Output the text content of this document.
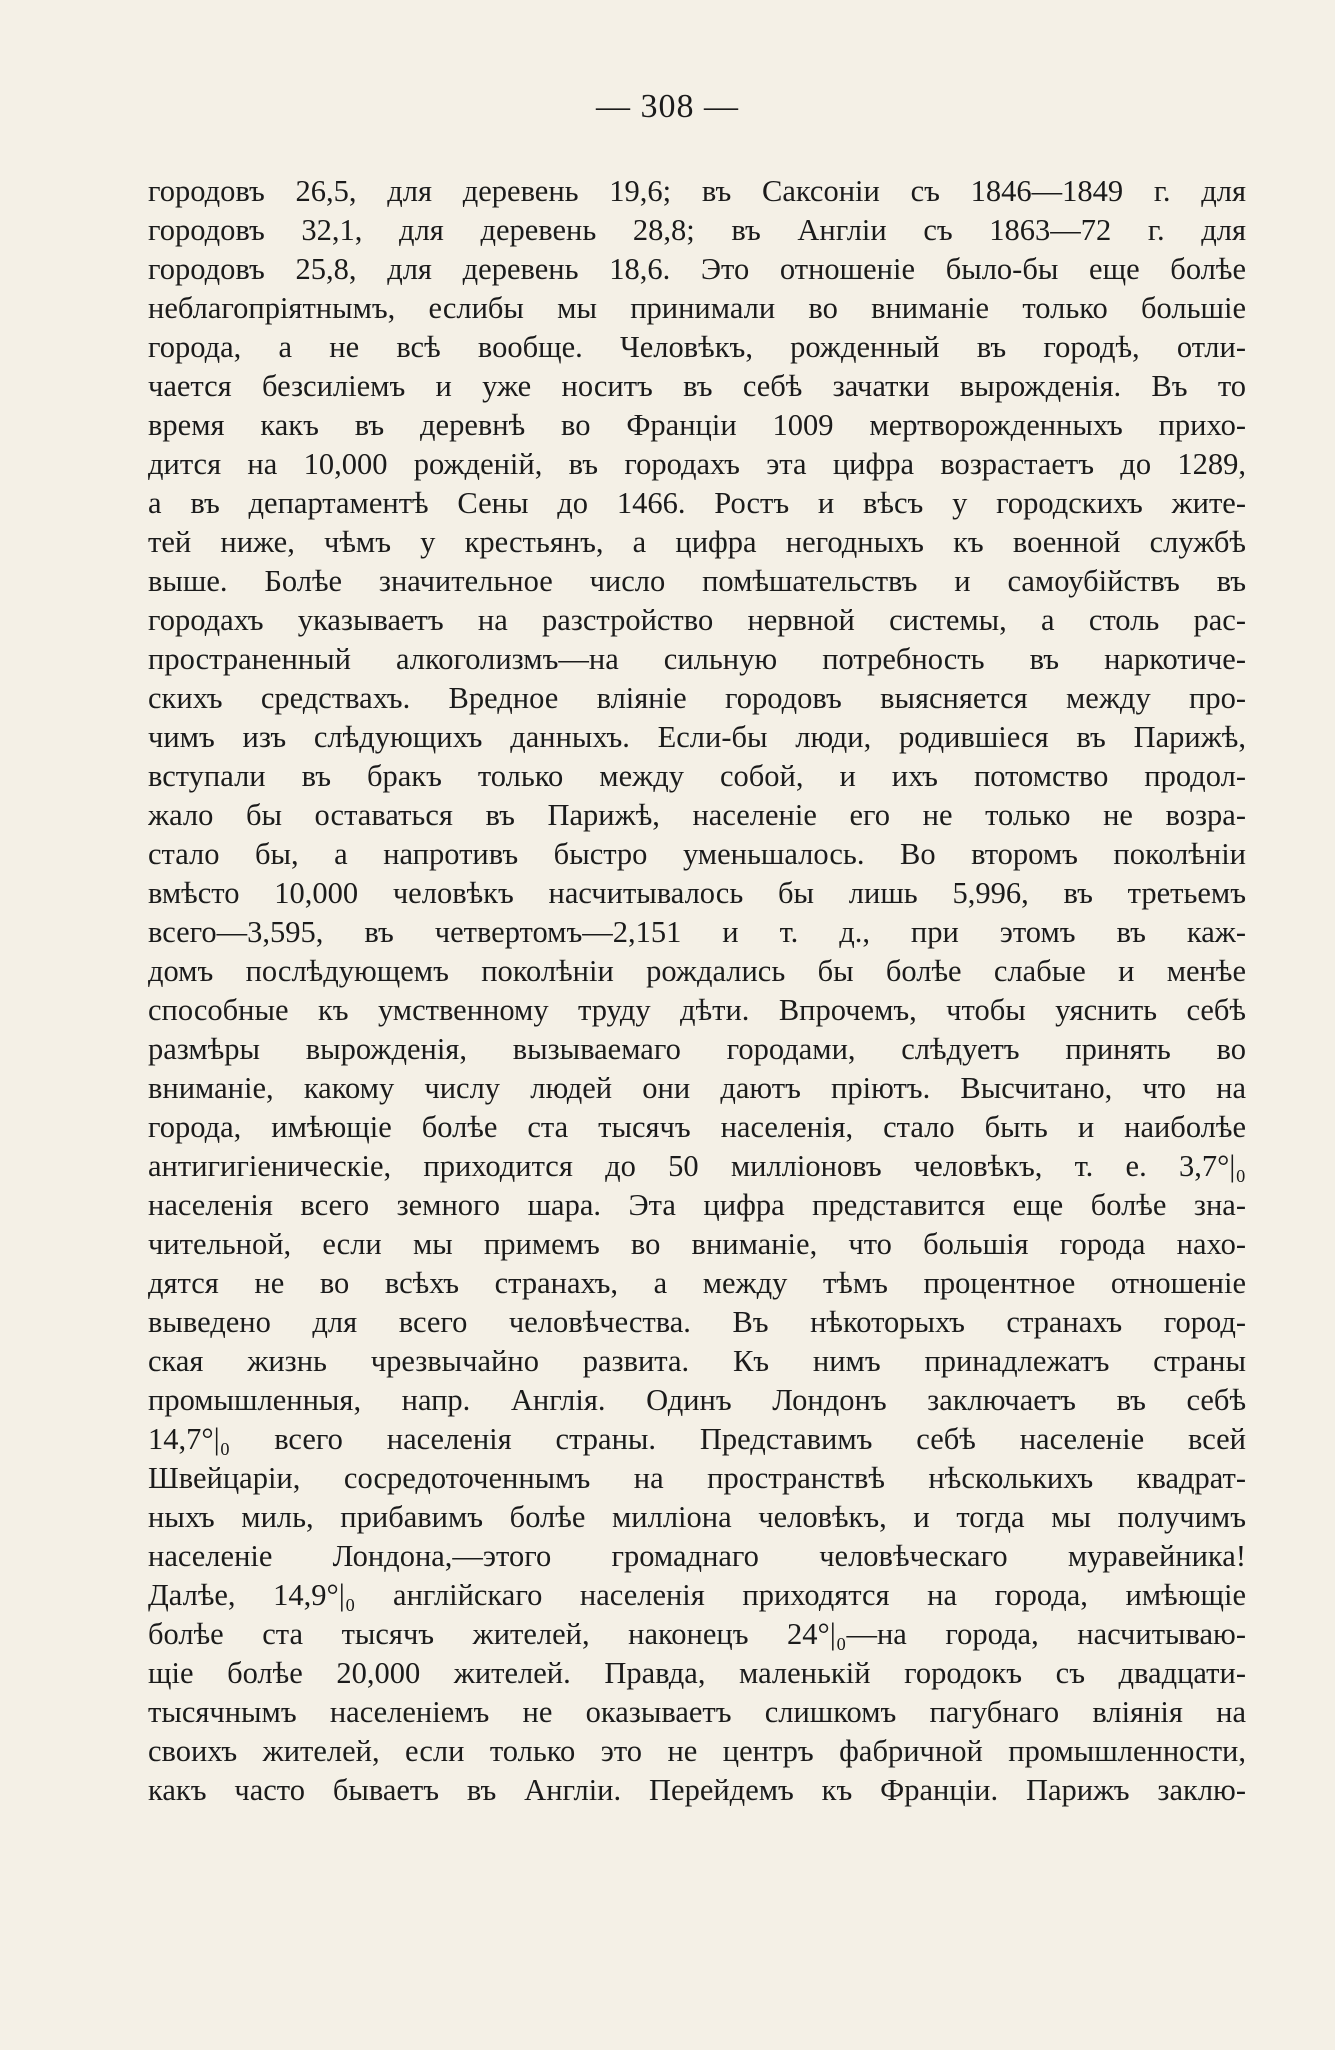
— 308 —
городовъ 26,5, для деревень 19,6; въ Саксоніи съ 1846—1849 г. для
городовъ 32,1, для деревень 28,8; въ Англіи съ 1863—72 г. для
городовъ 25,8, для деревень 18,6. Это отношеніе было-бы еще болѣе
неблагопріятнымъ, еслибы мы принимали во вниманіе только большіе
города, а не всѣ вообще. Человѣкъ, рожденный въ городѣ, отли-
чается безсиліемъ и уже носитъ въ себѣ зачатки вырожденія. Въ то
время какъ въ деревнѣ во Франціи 1009 мертворожденныхъ прихо-
дится на 10,000 рожденій, въ городахъ эта цифра возрастаетъ до 1289,
а въ департаментѣ Сены до 1466. Ростъ и вѣсъ у городскихъ жите-
тей ниже, чѣмъ у крестьянъ, а цифра негодныхъ къ военной службѣ
выше. Болѣе значительное число помѣшательствъ и самоубійствъ въ
городахъ указываетъ на разстройство нервной системы, а столь рас-
пространенный алкоголизмъ—на сильную потребность въ наркотиче-
скихъ средствахъ. Вредное вліяніе городовъ выясняется между про-
чимъ изъ слѣдующихъ данныхъ. Если-бы люди, родившіеся въ Парижѣ,
вступали въ бракъ только между собой, и ихъ потомство продол-
жало бы оставаться въ Парижѣ, населеніе его не только не возра-
стало бы, а напротивъ быстро уменьшалось. Во второмъ поколѣніи
вмѣсто 10,000 человѣкъ насчитывалось бы лишь 5,996, въ третьемъ
всего—3,595, въ четвертомъ—2,151 и т. д., при этомъ въ каж-
домъ послѣдующемъ поколѣніи рождались бы болѣе слабые и менѣе
способные къ умственному труду дѣти. Впрочемъ, чтобы уяснить себѣ
размѣры вырожденія, вызываемаго городами, слѣдуетъ принять во
вниманіе, какому числу людей они даютъ пріютъ. Высчитано, что на
города, имѣющіе болѣе ста тысячъ населенія, стало быть и наиболѣе
антигигіеническіе, приходится до 50 милліоновъ человѣкъ, т. е. 3,7°|₀
населенія всего земного шара. Эта цифра представится еще болѣе зна-
чительной, если мы примемъ во вниманіе, что большія города нахо-
дятся не во всѣхъ странахъ, а между тѣмъ процентное отношеніе
выведено для всего человѣчества. Въ нѣкоторыхъ странахъ город-
ская жизнь чрезвычайно развита. Къ нимъ принадлежатъ страны
промышленныя, напр. Англія. Одинъ Лондонъ заключаетъ въ себѣ
14,7°|₀ всего населенія страны. Представимъ себѣ населеніе всей
Швейцаріи, сосредоточеннымъ на пространствѣ нѣсколькихъ квадрат-
ныхъ миль, прибавимъ болѣе милліона человѣкъ, и тогда мы получимъ
населеніе Лондона,—этого громаднаго человѣческаго муравейника!
Далѣе, 14,9°|₀ англійскаго населенія приходятся на города, имѣющіе
болѣе ста тысячъ жителей, наконецъ 24°|₀—на города, насчитываю-
щіе болѣе 20,000 жителей. Правда, маленькій городокъ съ двадцати-
тысячнымъ населеніемъ не оказываетъ слишкомъ пагубнаго вліянія на
своихъ жителей, если только это не центръ фабричной промышленности,
какъ часто бываетъ въ Англіи. Перейдемъ къ Франціи. Парижъ заклю-
